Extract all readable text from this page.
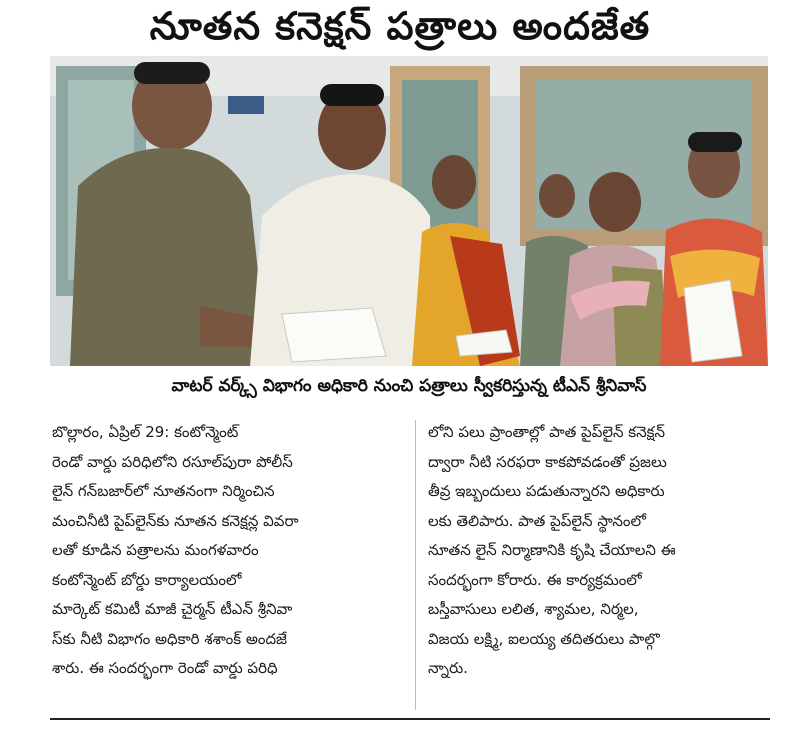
నూతన కనెక్షన్ పత్రాలు అందజేత
వాటర్ వర్క్స్ విభాగం అధికారి నుంచి పత్రాలు స్వీకరిస్తున్న టీఎన్ శ్రీనివాస్
బొల్లారం, ఏప్రిల్ 29: కంటోన్మెంట్
రెండో వార్డు పరిధిలోని రసూల్‌పురా పోలీస్
లైన్ గన్‌బజార్‌లో నూతనంగా నిర్మించిన
మంచినీటి పైప్‌లైన్‌కు నూతన కనెక్షన్ల వివరా
లతో కూడిన పత్రాలను మంగళవారం
కంటోన్మెంట్ బోర్డు కార్యాలయంలో
మార్కెట్ కమిటీ మాజీ చైర్మన్ టీఎన్ శ్రీనివా
స్‌కు నీటి విభాగం అధికారి శశాంక్ అందజే
శారు. ఈ సందర్భంగా రెండో వార్డు పరిధి
లోని పలు ప్రాంతాల్లో పాత పైప్‌లైన్ కనెక్షన్
ద్వారా నీటి సరఫరా కాకపోవడంతో ప్రజలు
తీవ్ర ఇబ్బందులు పడుతున్నారని అధికారు
లకు తెలిపారు. పాత పైప్‌లైన్ స్థానంలో
నూతన లైన్ నిర్మాణానికి కృషి చేయాలని ఈ
సందర్భంగా కోరారు. ఈ కార్యక్రమంలో
బస్తీవాసులు లలిత, శ్యామల, నిర్మల,
విజయ లక్ష్మి, ఐలయ్య తదితరులు పాల్గొ
న్నారు.
